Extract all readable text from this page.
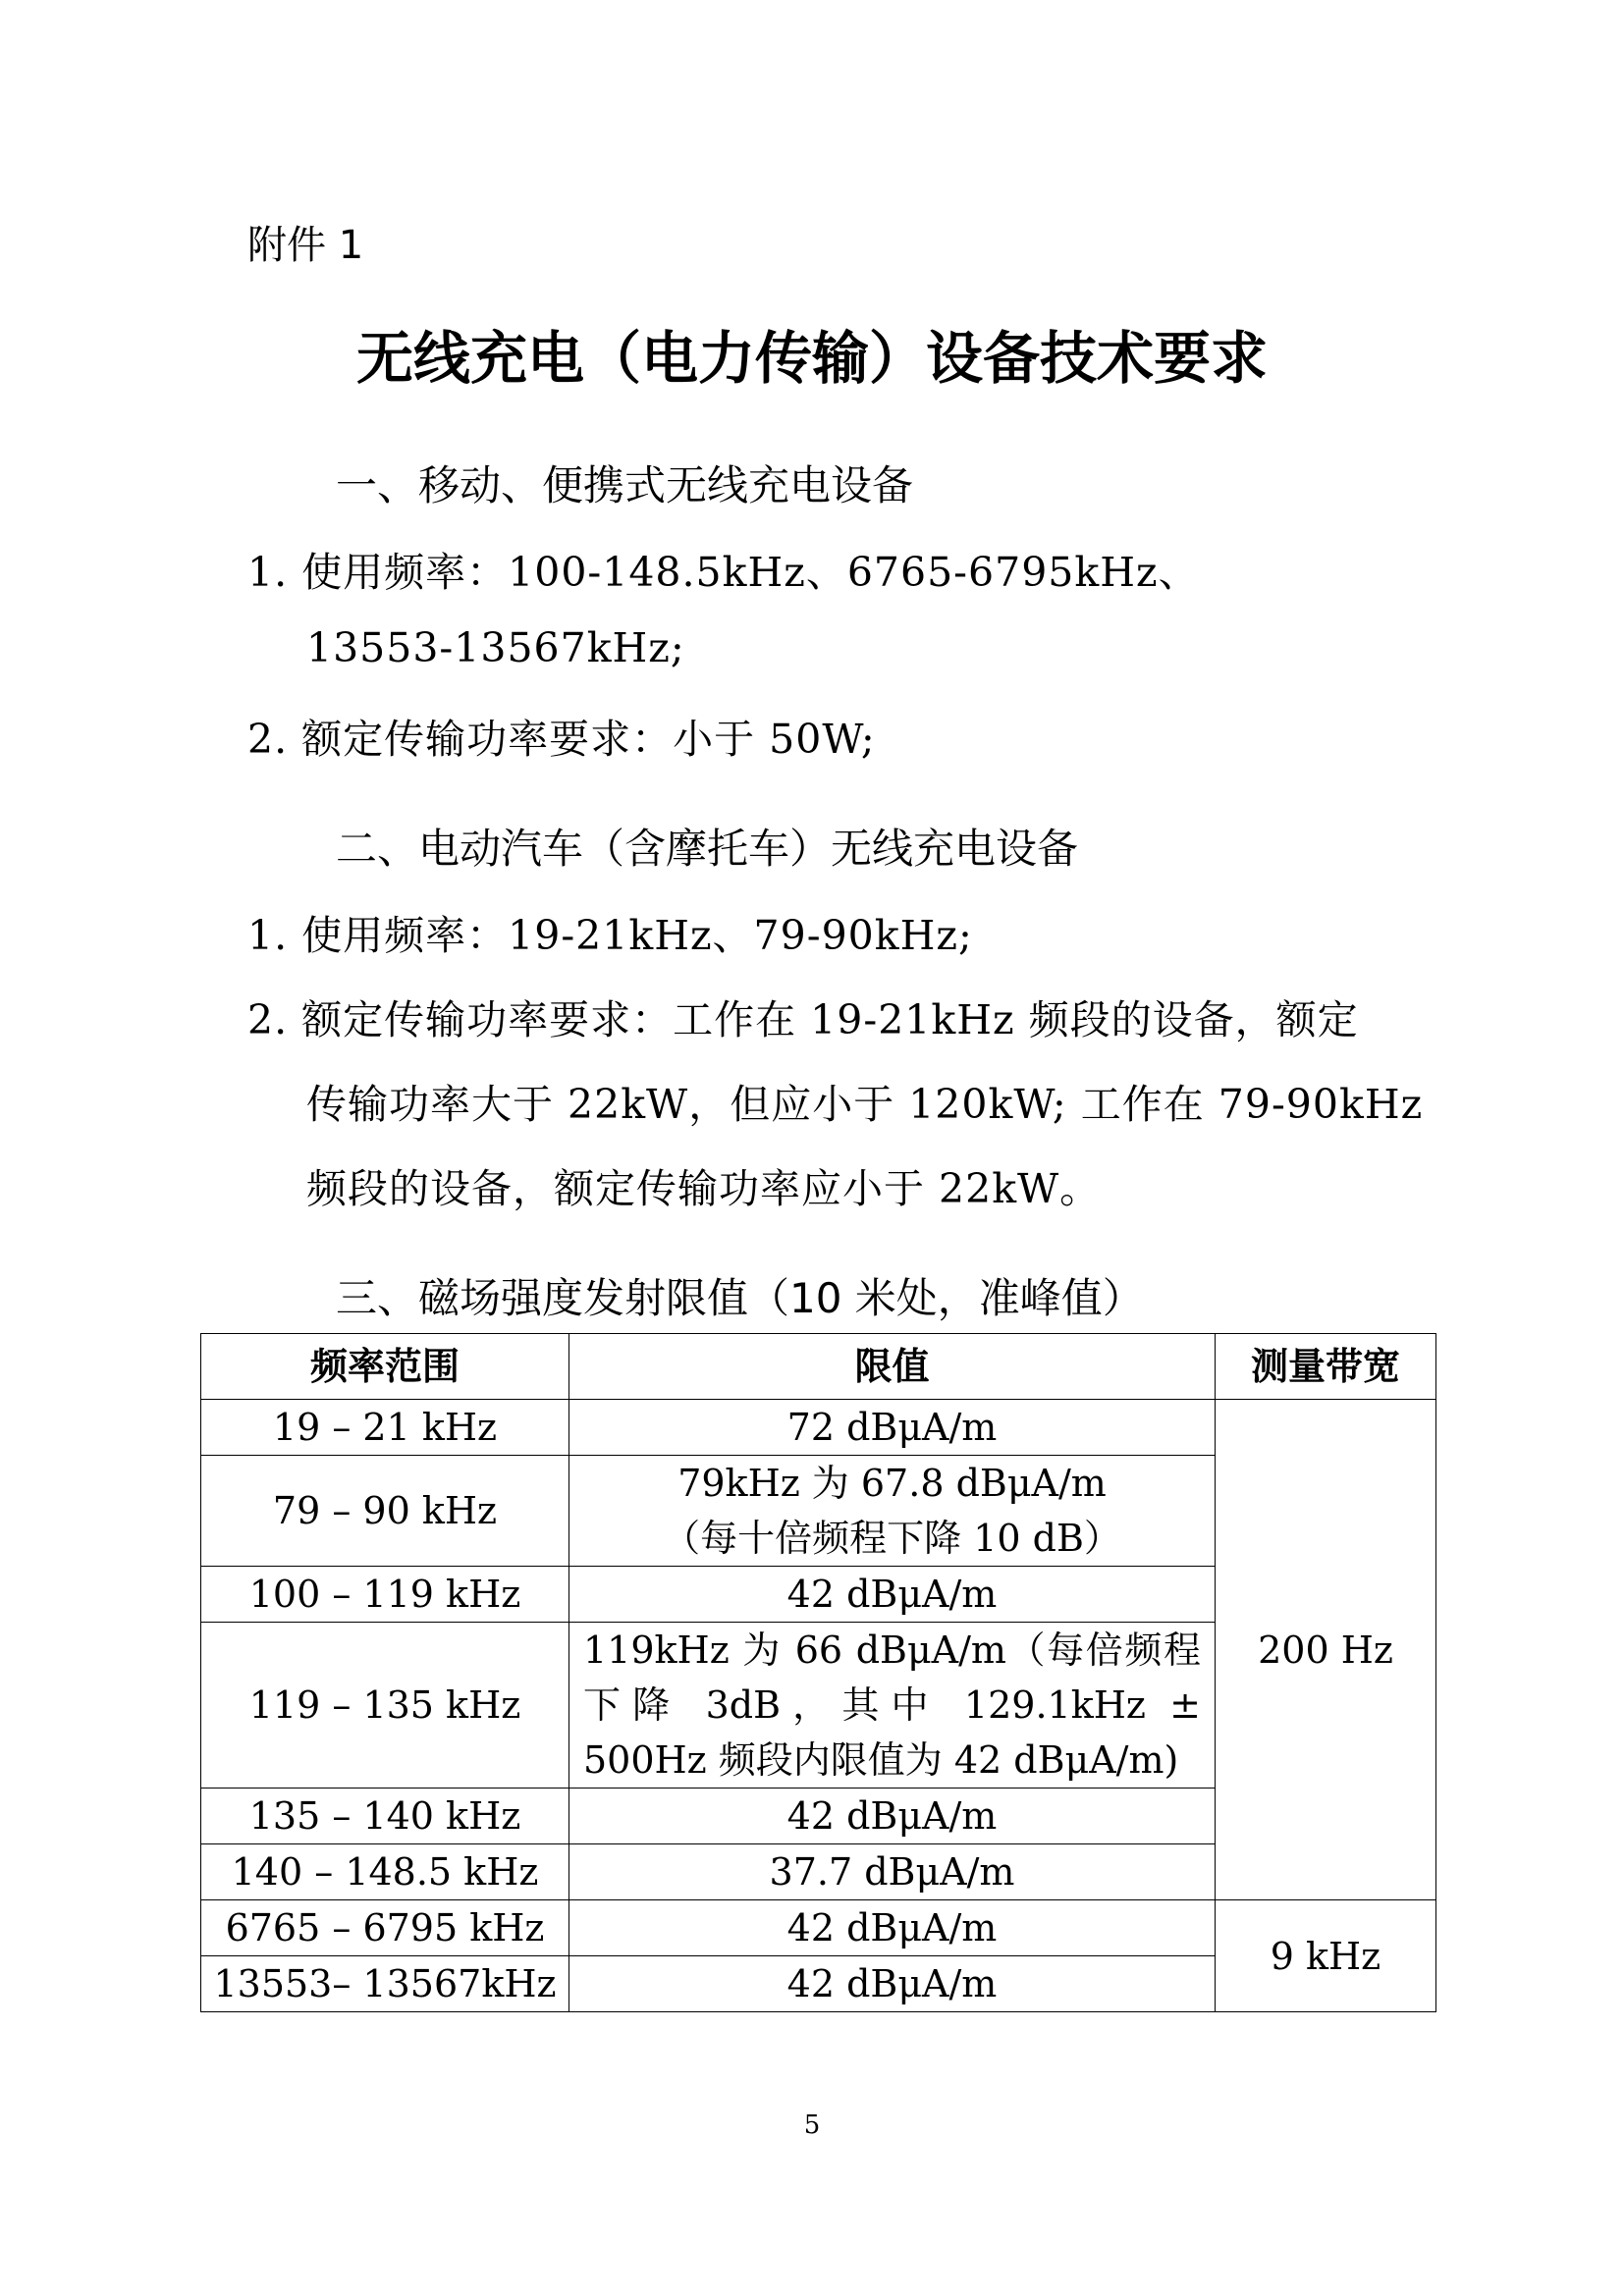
附件 1
无线充电（电力传输）设备技术要求
一、移动、便携式无线充电设备
1. 使用频率：100-148.5kHz、6765-6795kHz、
13553-13567kHz;
2. 额定传输功率要求：小于 50W;
二、电动汽车（含摩托车）无线充电设备
1. 使用频率：19-21kHz、79-90kHz;
2. 额定传输功率要求：工作在 19-21kHz 频段的设备，额定
传输功率大于 22kW，但应小于 120kW; 工作在 79-90kHz
频段的设备，额定传输功率应小于 22kW。
三、磁场强度发射限值（10 米处，准峰值）
频率范围	限值	测量带宽
19 – 21 kHz	72 dBμA/m	200 Hz
79 – 90 kHz	79kHz 为 67.8 dBμA/m
（每十倍频程下降 10 dB）	

100 – 119 kHz	42 dBμA/m	
119 – 135 kHz	119kHz 为 66 dBμA/m（每倍频程下降 3dB，其中 129.1kHz ± 500Hz 频段内限值为 42 dBμA/m)	
135 – 140 kHz	42 dBμA/m	
140 – 148.5 kHz	37.7 dBμA/m	
6765 – 6795 kHz	42 dBμA/m	9 kHz
13553– 13567kHz	42 dBμA/m	
5
